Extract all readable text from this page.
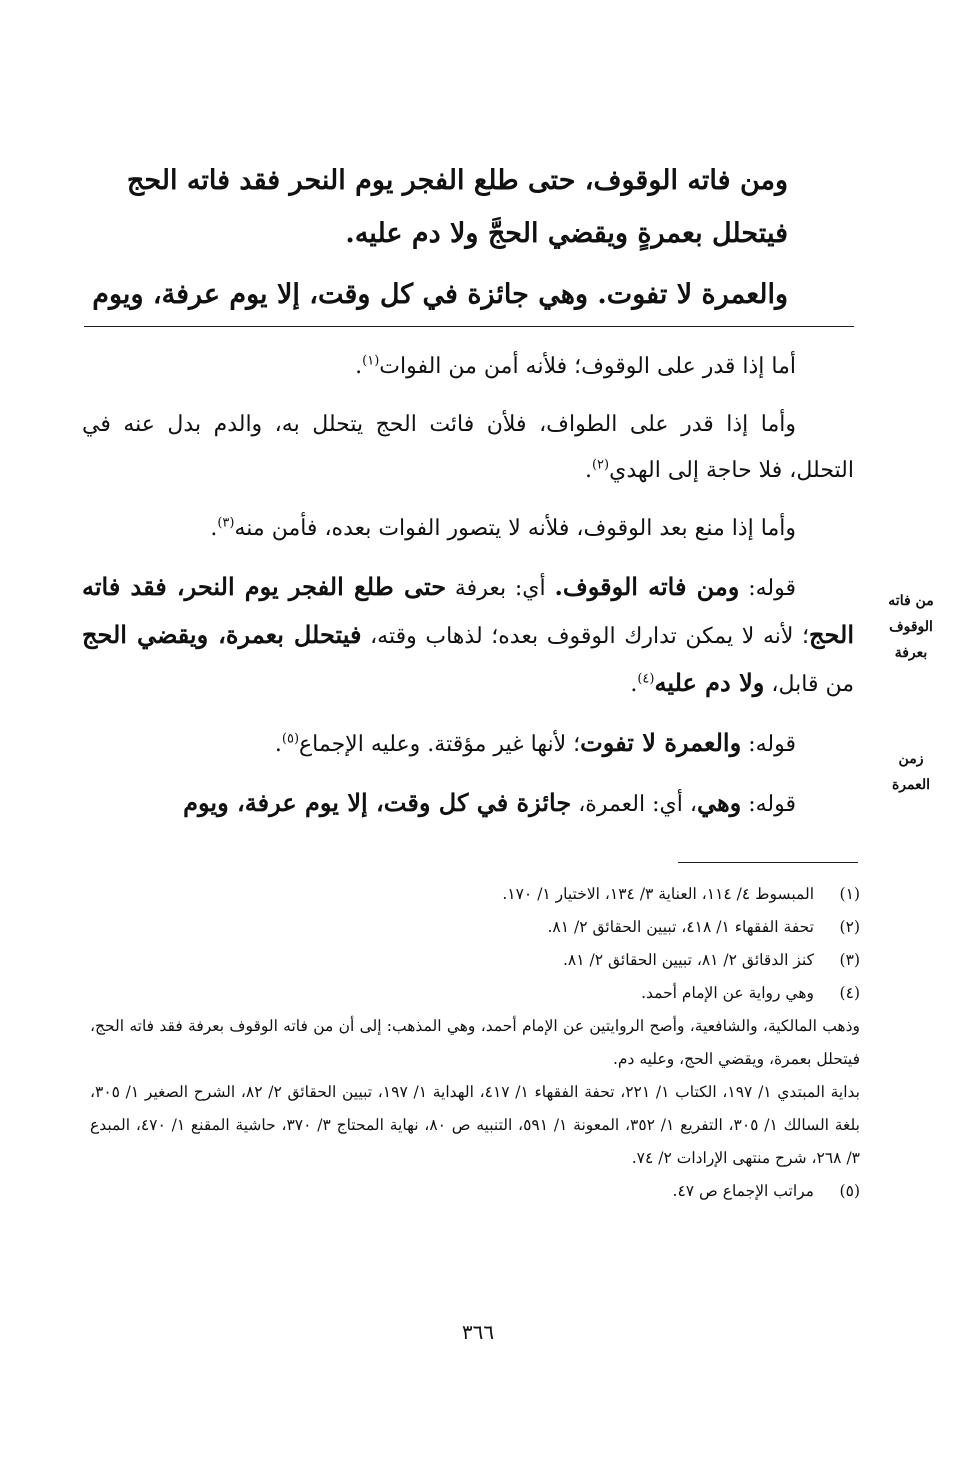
ومن فاته الوقوف، حتى طلع الفجر يوم النحر فقد فاته الحج

فيتحلل بعمرةٍ ويقضي الحجَّ ولا دم عليه.

والعمرة لا تفوت. وهي جائزة في كل وقت، إلا يوم عرفة، ويوم

أما إذا قدر على الوقوف؛ فلأنه أمن من الفوات$^{(١)}$.

وأما إذا قدر على الطواف، فلأن فائت الحج يتحلل به، والدم بدل عنه في التحلل، فلا حاجة إلى الهدي$^{(٢)}$.

وأما إذا منع بعد الوقوف، فلأنه لا يتصور الفوات بعده، فأمن منه$^{(٣)}$.

قوله: ومن فاته الوقوف. أي: بعرفة حتى طلع الفجر يوم النحر، فقد فاته الحج؛ لأنه لا يمكن تدارك الوقوف بعده؛ لذهاب وقته، فيتحلل بعمرة، ويقضي الحج من قابل، ولا دم عليه$^{(٤)}$.

قوله: والعمرة لا تفوت؛ لأنها غير مؤقتة. وعليه الإجماع$^{(٥)}$.

قوله: وهي، أي: العمرة، جائزة في كل وقت، إلا يوم عرفة، ويوم

من فاته
الوقوف
بعرفة
زمن
العمرة
(١)
المبسوط ٤/ ١١٤، العناية ٣/ ١٣٤، الاختيار ١/ ١٧٠.
(٢)
تحفة الفقهاء ١/ ٤١٨، تبيين الحقائق ٢/ ٨١.
(٣)
كنز الدقائق ٢/ ٨١، تبيين الحقائق ٢/ ٨١.
(٤)
وهي رواية عن الإمام أحمد.
وذهب المالكية، والشافعية، وأصح الروايتين عن الإمام أحمد، وهي المذهب: إلى أن من فاته الوقوف بعرفة فقد فاته الحج، فيتحلل بعمرة، ويقضي الحج، وعليه دم.
بداية المبتدي ١/ ١٩٧، الكتاب ١/ ٢٢١، تحفة الفقهاء ١/ ٤١٧، الهداية ١/ ١٩٧، تبيين الحقائق ٢/ ٨٢، الشرح الصغير ١/ ٣٠٥، بلغة السالك ١/ ٣٠٥، التفريع ١/ ٣٥٢، المعونة ١/ ٥٩١، التنبيه ص ٨٠، نهاية المحتاج ٣/ ٣٧٠، حاشية المقنع ١/ ٤٧٠، المبدع ٣/ ٢٦٨، شرح منتهى الإرادات ٢/ ٧٤.
(٥)
مراتب الإجماع ص ٤٧.
٣٦٦
